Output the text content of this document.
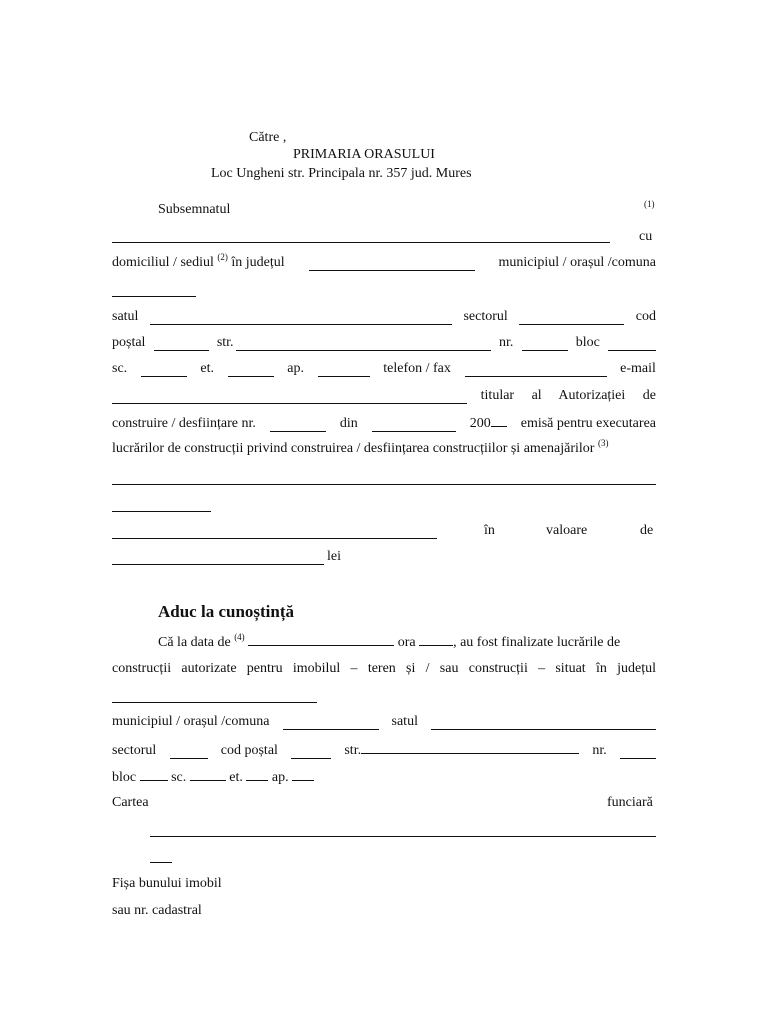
Către ,
PRIMARIA ORASULUI
Loc Ungheni str. Principala nr. 357 jud. Mures
Subsemnatul	(1)
cu
domiciliul / sediul $^{(2)}$ în județul	municipiul / orașul /comuna
satul	sectorul	cod
poștal	str.	nr.	bloc
sc.	et.	ap.	telefon / fax	e-mail
titular al Autorizației de
construire / desființare nr.	din	200	emisă pentru executarea
lucrărilor de construcții privind construirea / desființarea construcțiilor și amenajărilor $^{(3)}$
în	valoare	de
lei
Aduc la cunoștință
Că la data de $^{(4)}$	ora	, au fost finalizate lucrările de
construcții autorizate pentru imobilul – teren și / sau construcții – situat în județul
municipiul / orașul /comuna	satul
sectorul	cod poștal	str.	nr.
bloc	sc.	et. ap.
Cartea	funciară
Fișa bunului imobil
sau nr. cadastral
